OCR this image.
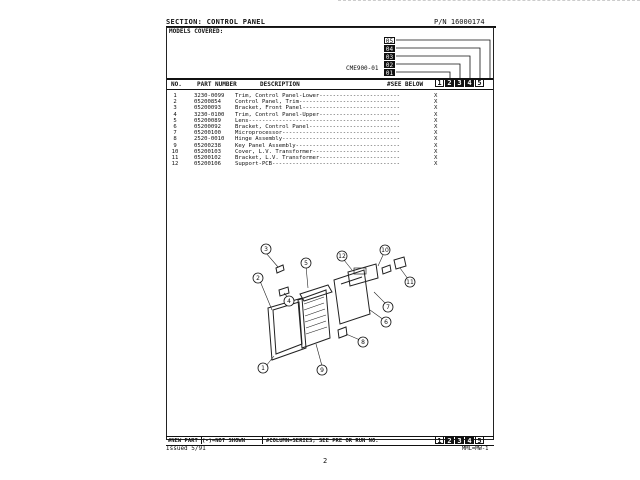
SECTION: CONTROL PANEL	P/N 16000174
MODELS COVERED:
CME900-01
05
04
03
02
01
NO.	PART NUMBER	DESCRIPTION	#SEE BELOW	1 2 3 4 5
1	3230-0099 Trim, Control Panel-Lower------------------------	X
2	05200854	Control Panel, Trim------------------------------	X
3	05200093	Bracket, Front Panel-----------------------------	X
4	3230-0100 Trim, Control Panel-Upper------------------------	X
5	05200089	Lens---------------------------------------------	X
6	05200092	Bracket, Control Panel---------------------------	X
7	05200100	Microprocessor-----------------------------------	X
8	2520-0010 Hinge Assembly-----------------------------------	X
9	05200238	Key Panel Assembly-------------------------------	X
10	05200103	Cover, L.V. Transformer--------------------------	X
11	05200102	Bracket, L.V. Transformer------------------------	X
12	05200106	Support-PCB--------------------------------------	X
3
2
4
5
12
10
11
7
6
8
1	9
#NEW PART (-)=NOT SHOWN	#COLUMN=SERIES, SEE PRE OR RUN NO.	1 2 3 4 5
Issued 5/91	MML=MW-1
2
